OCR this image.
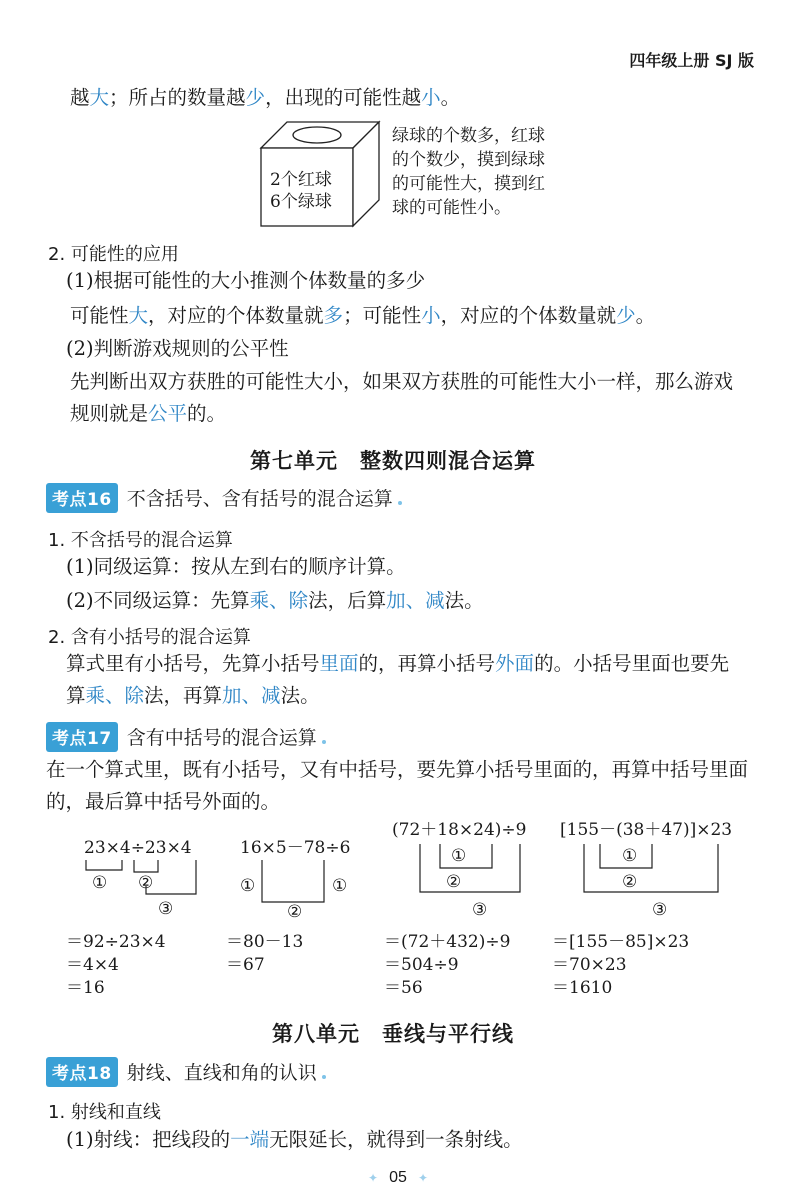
四年级上册 SJ 版
越大；所占的数量越少，出现的可能性越小。
2个红球
6个绿球
绿球的个数多，红球
的个数少，摸到绿球
的可能性大，摸到红
球的可能性小。
2. 可能性的应用
(1)根据可能性的大小推测个体数量的多少
可能性大，对应的个体数量就多；可能性小，对应的个体数量就少。
(2)判断游戏规则的公平性
先判断出双方获胜的可能性大小，如果双方获胜的可能性大小一样，那么游戏
规则就是公平的。
第七单元　整数四则混合运算
考点16 不含括号、含有括号的混合运算
1. 不含括号的混合运算
(1)同级运算：按从左到右的顺序计算。
(2)不同级运算：先算乘、除法，后算加、减法。
2. 含有小括号的混合运算
算式里有小括号，先算小括号里面的，再算小括号外面的。小括号里面也要先
算乘、除法，再算加、减法。
考点17 含有中括号的混合运算
在一个算式里，既有小括号，又有中括号，要先算小括号里面的，再算中括号里面
的，最后算中括号外面的。
23×4÷23×4
① ②
③
＝92÷23×4
＝4×4
＝16
16×5－78÷6
①	①
②
＝80－13
＝67
(72＋18×24)÷9
①
②
③
＝(72＋432)÷9
＝504÷9
＝56
[155－(38＋47)]×23
①
②
③
＝[155－85]×23
＝70×23
＝1610
第八单元　垂线与平行线
考点18 射线、直线和角的认识
1. 射线和直线
(1)射线：把线段的一端无限延长，就得到一条射线。
✦ 05 ✦
